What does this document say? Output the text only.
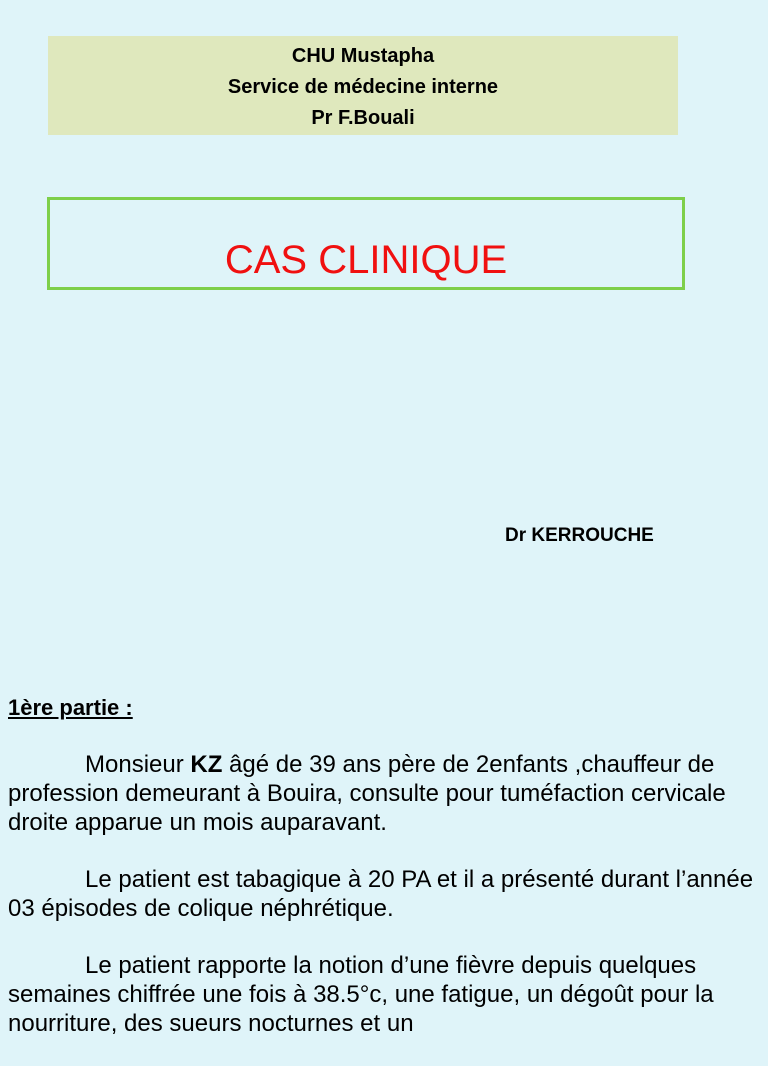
CHU Mustapha
Service de médecine interne
Pr F.Bouali
CAS CLINIQUE
Dr KERROUCHE
1ère partie :

Monsieur KZ âgé de 39 ans père de 2enfants ,chauffeur de profession demeurant à Bouira, consulte pour tuméfaction cervicale droite apparue un mois auparavant.

Le patient est tabagique à 20 PA et il a présenté durant l’année 03 épisodes de colique néphrétique.

Le patient rapporte la notion d’une fièvre depuis quelques semaines chiffrée une fois à 38.5°c, une fatigue, un dégoût pour la nourriture, des sueurs nocturnes et un
